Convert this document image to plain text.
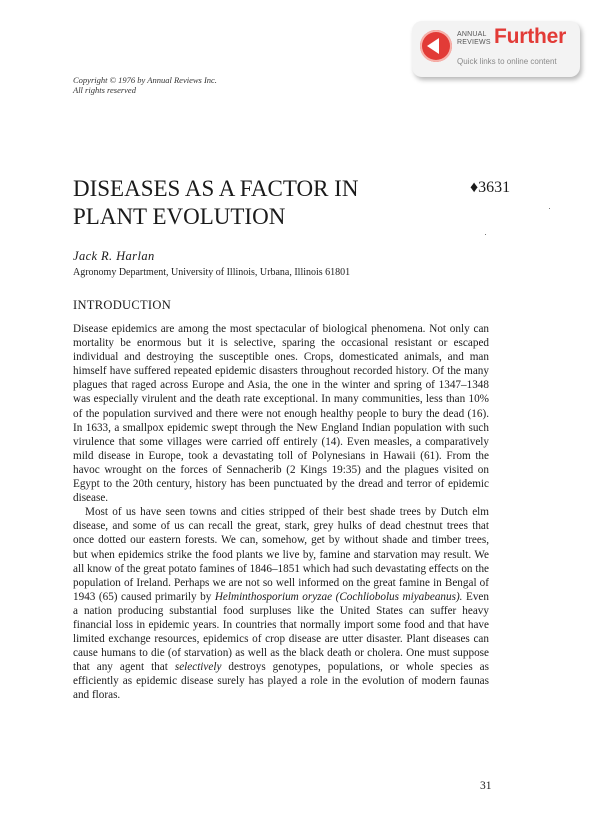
ANNUAL
REVIEWS Further
Quick links to online content
Copyright © 1976 by Annual Reviews Inc.
All rights reserved
DISEASES AS A FACTOR IN
PLANT EVOLUTION
♦3631
Jack R. Harlan
Agronomy Department, University of Illinois, Urbana, Illinois 61801
INTRODUCTION

Disease epidemics are among the most spectacular of biological phenomena. Not only can mortality be enormous but it is selective, sparing the occasional resistant or escaped individual and destroying the susceptible ones. Crops, domesticated animals, and man himself have suffered repeated epidemic disasters throughout recorded history. Of the many plagues that raged across Europe and Asia, the one in the winter and spring of 1347–1348 was especially virulent and the death rate exceptional. In many communities, less than 10% of the population survived and there were not enough healthy people to bury the dead (16). In 1633, a smallpox epidemic swept through the New England Indian population with such virulence that some villages were carried off entirely (14). Even measles, a comparatively mild disease in Europe, took a devastating toll of Polynesians in Hawaii (61). From the havoc wrought on the forces of Sennacherib (2 Kings 19:35) and the plagues visited on Egypt to the 20th century, history has been punctuated by the dread and terror of epidemic disease.

Most of us have seen towns and cities stripped of their best shade trees by Dutch elm disease, and some of us can recall the great, stark, grey hulks of dead chestnut trees that once dotted our eastern forests. We can, somehow, get by without shade and timber trees, but when epidemics strike the food plants we live by, famine and starvation may result. We all know of the great potato famines of 1846–1851 which had such devastating effects on the population of Ireland. Perhaps we are not so well informed on the great famine in Bengal of 1943 (65) caused primarily by Helminthosporium oryzae (Cochliobolus miyabeanus). Even a nation producing substantial food surpluses like the United States can suffer heavy financial loss in epidemic years. In countries that normally import some food and that have limited exchange resources, epidemics of crop disease are utter disaster. Plant diseases can cause humans to die (of starvation) as well as the black death or cholera. One must suppose that any agent that selectively destroys genotypes, populations, or whole species as efficiently as epidemic disease surely has played a role in the evolution of modern faunas and floras.

31
